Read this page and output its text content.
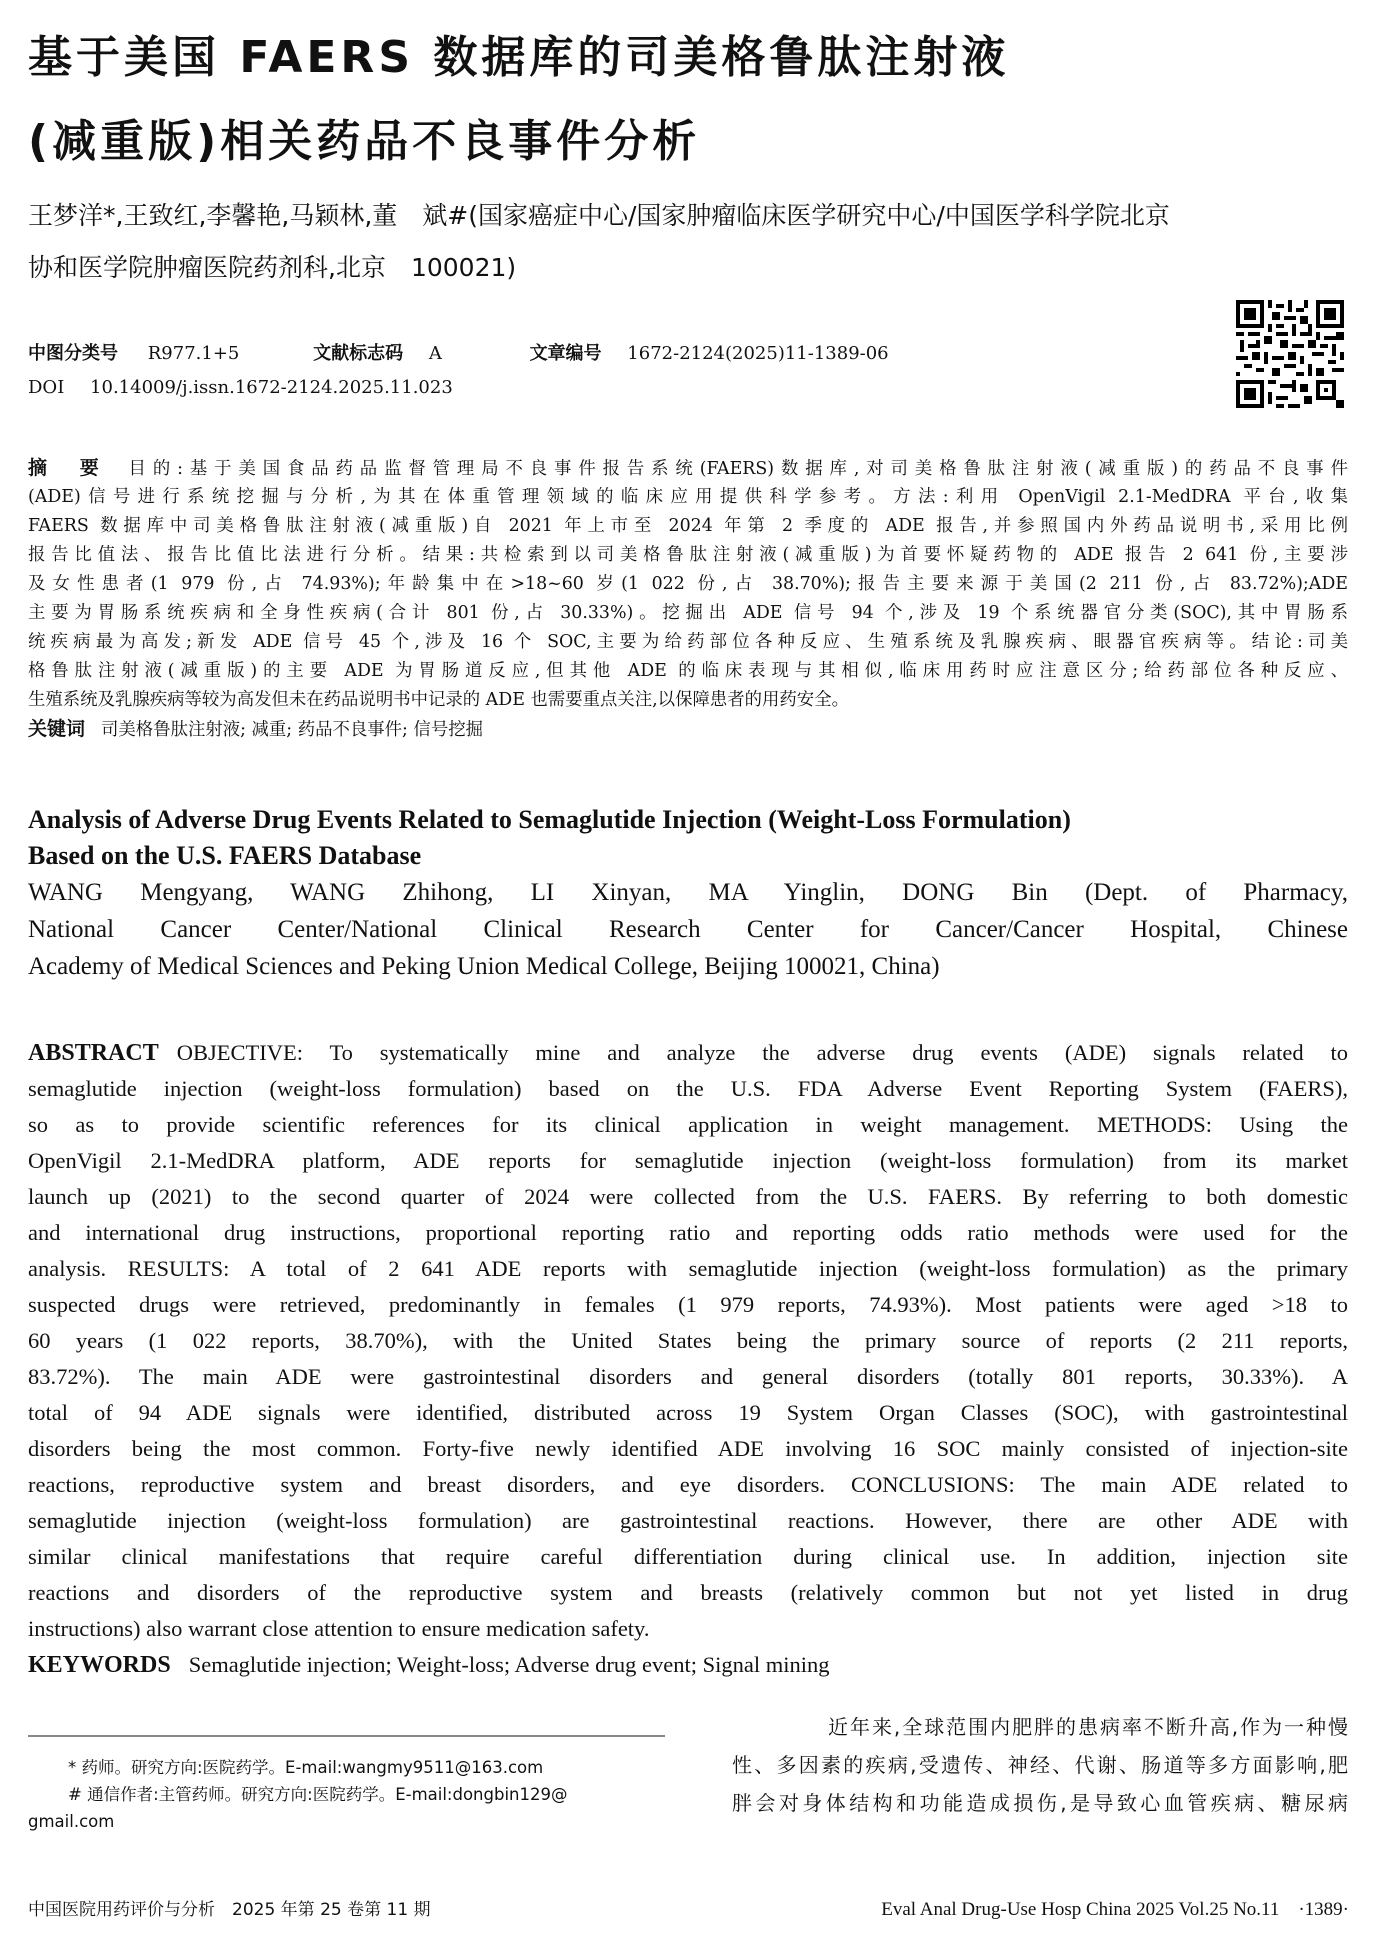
基于美国 FAERS 数据库的司美格鲁肽注射液
(减重版)相关药品不良事件分析
王梦洋*,王致红,李馨艳,马颖林,董　斌#(国家癌症中心/国家肿瘤临床医学研究中心/中国医学科学院北京
协和医学院肿瘤医院药剂科,北京　100021)
中图分类号 R977.1+5	文献标志码 A	文章编号 1672-2124(2025)11-1389-06
DOI 10.14009/j.issn.1672-2124.2025.11.023
摘　要 目的:基于美国食品药品监督管理局不良事件报告系统(FAERS)数据库,对司美格鲁肽注射液(减重版)的药品不良事件
(ADE)信号进行系统挖掘与分析,为其在体重管理领域的临床应用提供科学参考。方法:利用 OpenVigil 2.1-MedDRA 平台,收集
FAERS 数据库中司美格鲁肽注射液(减重版)自 2021 年上市至 2024 年第 2 季度的 ADE 报告,并参照国内外药品说明书,采用比例
报告比值法、报告比值比法进行分析。结果:共检索到以司美格鲁肽注射液(减重版)为首要怀疑药物的 ADE 报告 2 641 份,主要涉
及女性患者(1 979 份,占 74.93%);年龄集中在>18~60 岁(1 022 份,占 38.70%);报告主要来源于美国(2 211 份,占 83.72%);ADE
主要为胃肠系统疾病和全身性疾病(合计 801 份,占 30.33%)。挖掘出 ADE 信号 94 个,涉及 19 个系统器官分类(SOC),其中胃肠系
统疾病最为高发;新发 ADE 信号 45 个,涉及 16 个 SOC,主要为给药部位各种反应、生殖系统及乳腺疾病、眼器官疾病等。结论:司美
格鲁肽注射液(减重版)的主要 ADE 为胃肠道反应,但其他 ADE 的临床表现与其相似,临床用药时应注意区分;给药部位各种反应、
生殖系统及乳腺疾病等较为高发但未在药品说明书中记录的 ADE 也需要重点关注,以保障患者的用药安全。
关键词 司美格鲁肽注射液; 减重; 药品不良事件; 信号挖掘
Analysis of Adverse Drug Events Related to Semaglutide Injection (Weight-Loss Formulation)
Based on the U.S. FAERS Database
WANG Mengyang, WANG Zhihong, LI Xinyan, MA Yinglin, DONG Bin (Dept. of Pharmacy,
National Cancer Center/National Clinical Research Center for Cancer/Cancer Hospital, Chinese
Academy of Medical Sciences and Peking Union Medical College, Beijing 100021, China)
ABSTRACT OBJECTIVE: To systematically mine and analyze the adverse drug events (ADE) signals related to
semaglutide injection (weight-loss formulation) based on the U.S. FDA Adverse Event Reporting System (FAERS),
so as to provide scientific references for its clinical application in weight management. METHODS: Using the
OpenVigil 2.1-MedDRA platform, ADE reports for semaglutide injection (weight-loss formulation) from its market
launch up (2021) to the second quarter of 2024 were collected from the U.S. FAERS. By referring to both domestic
and international drug instructions, proportional reporting ratio and reporting odds ratio methods were used for the
analysis. RESULTS: A total of 2 641 ADE reports with semaglutide injection (weight-loss formulation) as the primary
suspected drugs were retrieved, predominantly in females (1 979 reports, 74.93%). Most patients were aged >18 to
60 years (1 022 reports, 38.70%), with the United States being the primary source of reports (2 211 reports,
83.72%). The main ADE were gastrointestinal disorders and general disorders (totally 801 reports, 30.33%). A
total of 94 ADE signals were identified, distributed across 19 System Organ Classes (SOC), with gastrointestinal
disorders being the most common. Forty-five newly identified ADE involving 16 SOC mainly consisted of injection-site
reactions, reproductive system and breast disorders, and eye disorders. CONCLUSIONS: The main ADE related to
semaglutide injection (weight-loss formulation) are gastrointestinal reactions. However, there are other ADE with
similar clinical manifestations that require careful differentiation during clinical use. In addition, injection site
reactions and disorders of the reproductive system and breasts (relatively common but not yet listed in drug
instructions) also warrant close attention to ensure medication safety.
KEYWORDS Semaglutide injection; Weight-loss; Adverse drug event; Signal mining
* 药师。研究方向:医院药学。E-mail:wangmy9511@163.com
# 通信作者:主管药师。研究方向:医院药学。E-mail:dongbin129@
gmail.com
近年来,全球范围内肥胖的患病率不断升高,作为一种慢
性、多因素的疾病,受遗传、神经、代谢、肠道等多方面影响,肥
胖会对身体结构和功能造成损伤,是导致心血管疾病、糖尿病
中国医院用药评价与分析　2025 年第 25 卷第 11 期	Eval Anal Drug-Use Hosp China 2025 Vol.25 No.11　·1389·
